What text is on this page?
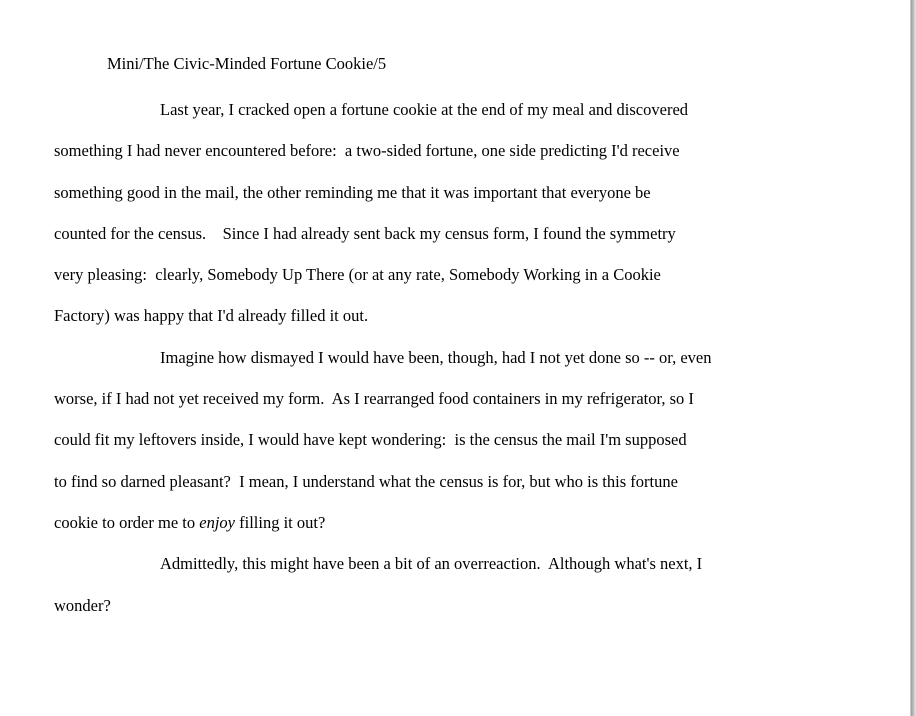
Mini/The Civic-Minded Fortune Cookie/5
Last year, I cracked open a fortune cookie at the end of my meal and discovered
something I had never encountered before:  a two-sided fortune, one side predicting I'd receive
something good in the mail, the other reminding me that it was important that everyone be
counted for the census.    Since I had already sent back my census form, I found the symmetry
very pleasing:  clearly, Somebody Up There (or at any rate, Somebody Working in a Cookie
Factory) was happy that I'd already filled it out.
Imagine how dismayed I would have been, though, had I not yet done so -- or, even
worse, if I had not yet received my form.  As I rearranged food containers in my refrigerator, so I
could fit my leftovers inside, I would have kept wondering:  is the census the mail I'm supposed
to find so darned pleasant?  I mean, I understand what the census is for, but who is this fortune
cookie to order me to enjoy filling it out?
Admittedly, this might have been a bit of an overreaction.  Although what's next, I
wonder?
